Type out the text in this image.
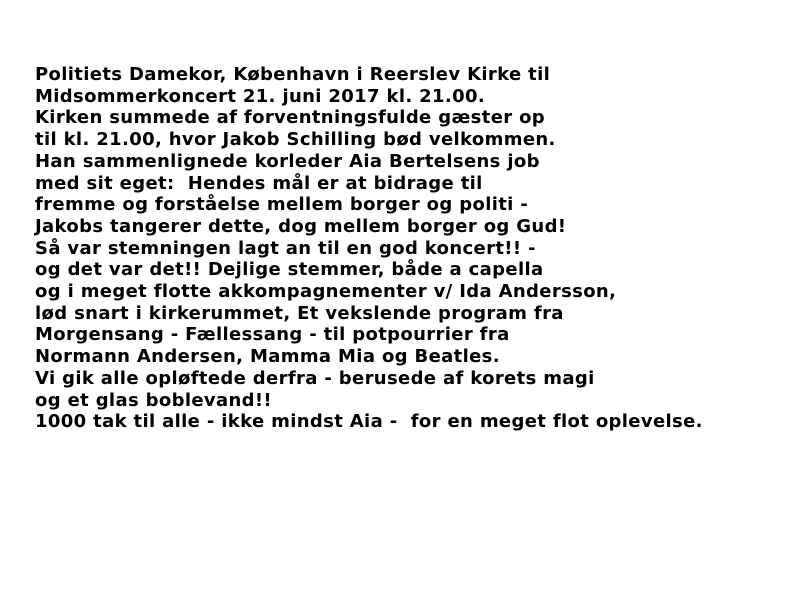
Politiets Damekor, København i Reerslev Kirke til
Midsommerkoncert 21. juni 2017 kl. 21.00.
Kirken summede af forventningsfulde gæster op
til kl. 21.00, hvor Jakob Schilling bød velkommen.
Han sammenlignede korleder Aia Bertelsens job
med sit eget:  Hendes mål er at bidrage til
fremme og forståelse mellem borger og politi -
Jakobs tangerer dette, dog mellem borger og Gud!
Så var stemningen lagt an til en god koncert!! -
og det var det!! Dejlige stemmer, både a capella
og i meget flotte akkompagnementer v/ Ida Andersson,
lød snart i kirkerummet, Et vekslende program fra
Morgensang - Fællessang - til potpourrier fra
Normann Andersen, Mamma Mia og Beatles.
Vi gik alle opløftede derfra - berusede af korets magi
og et glas boblevand!!
1000 tak til alle - ikke mindst Aia -  for en meget flot oplevelse.
